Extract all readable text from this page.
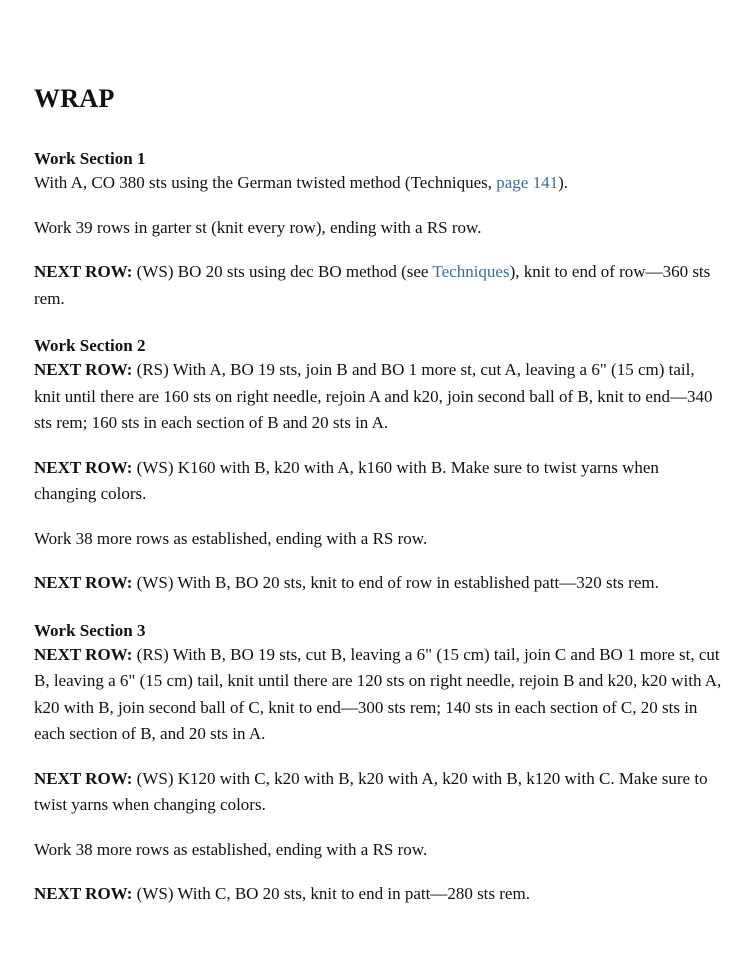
WRAP
Work Section 1

With A, CO 380 sts using the German twisted method (Techniques, page 141).

Work 39 rows in garter st (knit every row), ending with a RS row.

NEXT ROW: (WS) BO 20 sts using dec BO method (see Techniques), knit to end of row—360 sts rem.

Work Section 2

NEXT ROW: (RS) With A, BO 19 sts, join B and BO 1 more st, cut A, leaving a 6" (15 cm) tail, knit until there are 160 sts on right needle, rejoin A and k20, join second ball of B, knit to end—340 sts rem; 160 sts in each section of B and 20 sts in A.

NEXT ROW: (WS) K160 with B, k20 with A, k160 with B. Make sure to twist yarns when changing colors.

Work 38 more rows as established, ending with a RS row.

NEXT ROW: (WS) With B, BO 20 sts, knit to end of row in established patt—320 sts rem.

Work Section 3

NEXT ROW: (RS) With B, BO 19 sts, cut B, leaving a 6" (15 cm) tail, join C and BO 1 more st, cut B, leaving a 6" (15 cm) tail, knit until there are 120 sts on right needle, rejoin B and k20, k20 with A, k20 with B, join second ball of C, knit to end—300 sts rem; 140 sts in each section of C, 20 sts in each section of B, and 20 sts in A.

NEXT ROW: (WS) K120 with C, k20 with B, k20 with A, k20 with B, k120 with C. Make sure to twist yarns when changing colors.

Work 38 more rows as established, ending with a RS row.

NEXT ROW: (WS) With C, BO 20 sts, knit to end in patt—280 sts rem.
